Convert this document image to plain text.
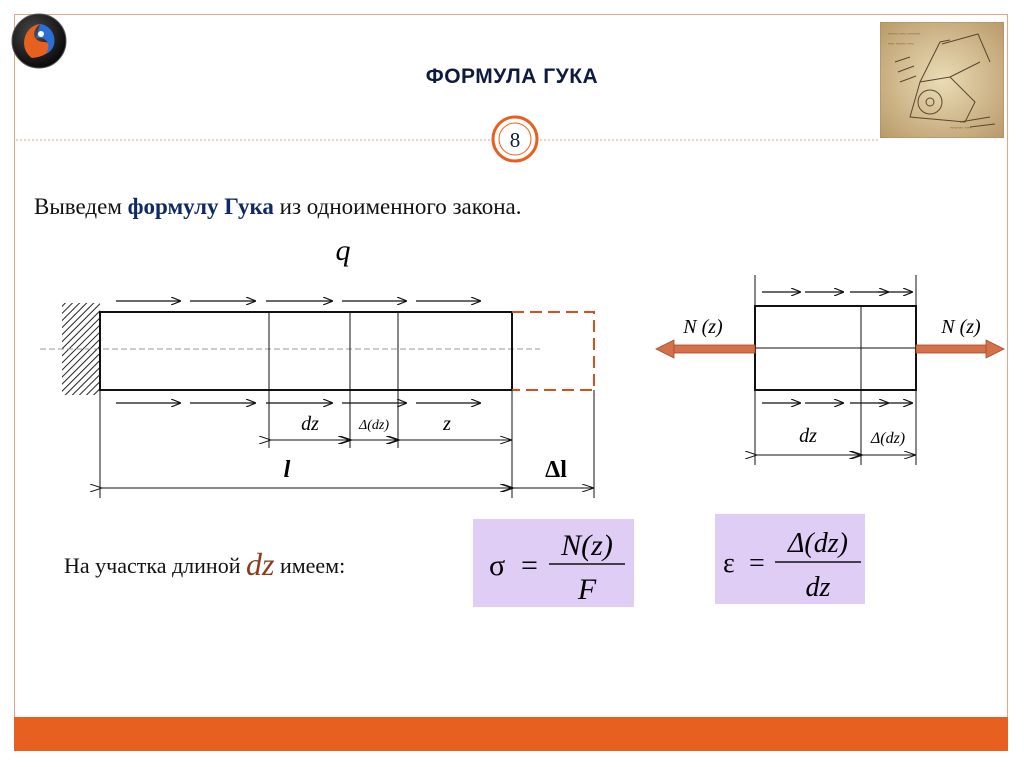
~~~ ~~ ~~~~
~~ ~~~ ~~
~~~~ ~~
ФОРМУЛА ГУКА
8
Выведем формулу Гука из одноименного закона.
q
dz	Δ(dz)	z
l	Δl
N (z)	N (z)
dz	Δ(dz)
На участка длиной dz имеем:	σ =
N(z)
F
ε =
Δ(dz)
dz
